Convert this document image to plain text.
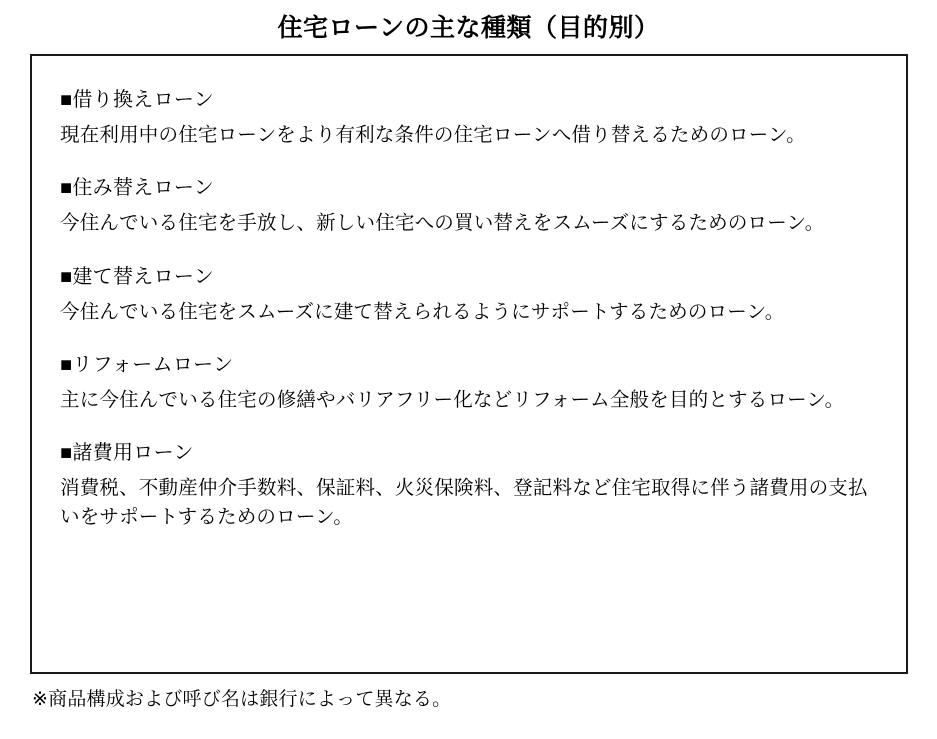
住宅ローンの主な種類（目的別）
■借り換えローン
現在利用中の住宅ローンをより有利な条件の住宅ローンへ借り替えるためのローン。
■住み替えローン
今住んでいる住宅を手放し、新しい住宅への買い替えをスムーズにするためのローン。
■建て替えローン
今住んでいる住宅をスムーズに建て替えられるようにサポートするためのローン。
■リフォームローン
主に今住んでいる住宅の修繕やバリアフリー化などリフォーム全般を目的とするローン。
■諸費用ローン
消費税、不動産仲介手数料、保証料、火災保険料、登記料など住宅取得に伴う諸費用の支払いをサポートするためのローン。
※商品構成および呼び名は銀行によって異なる。
